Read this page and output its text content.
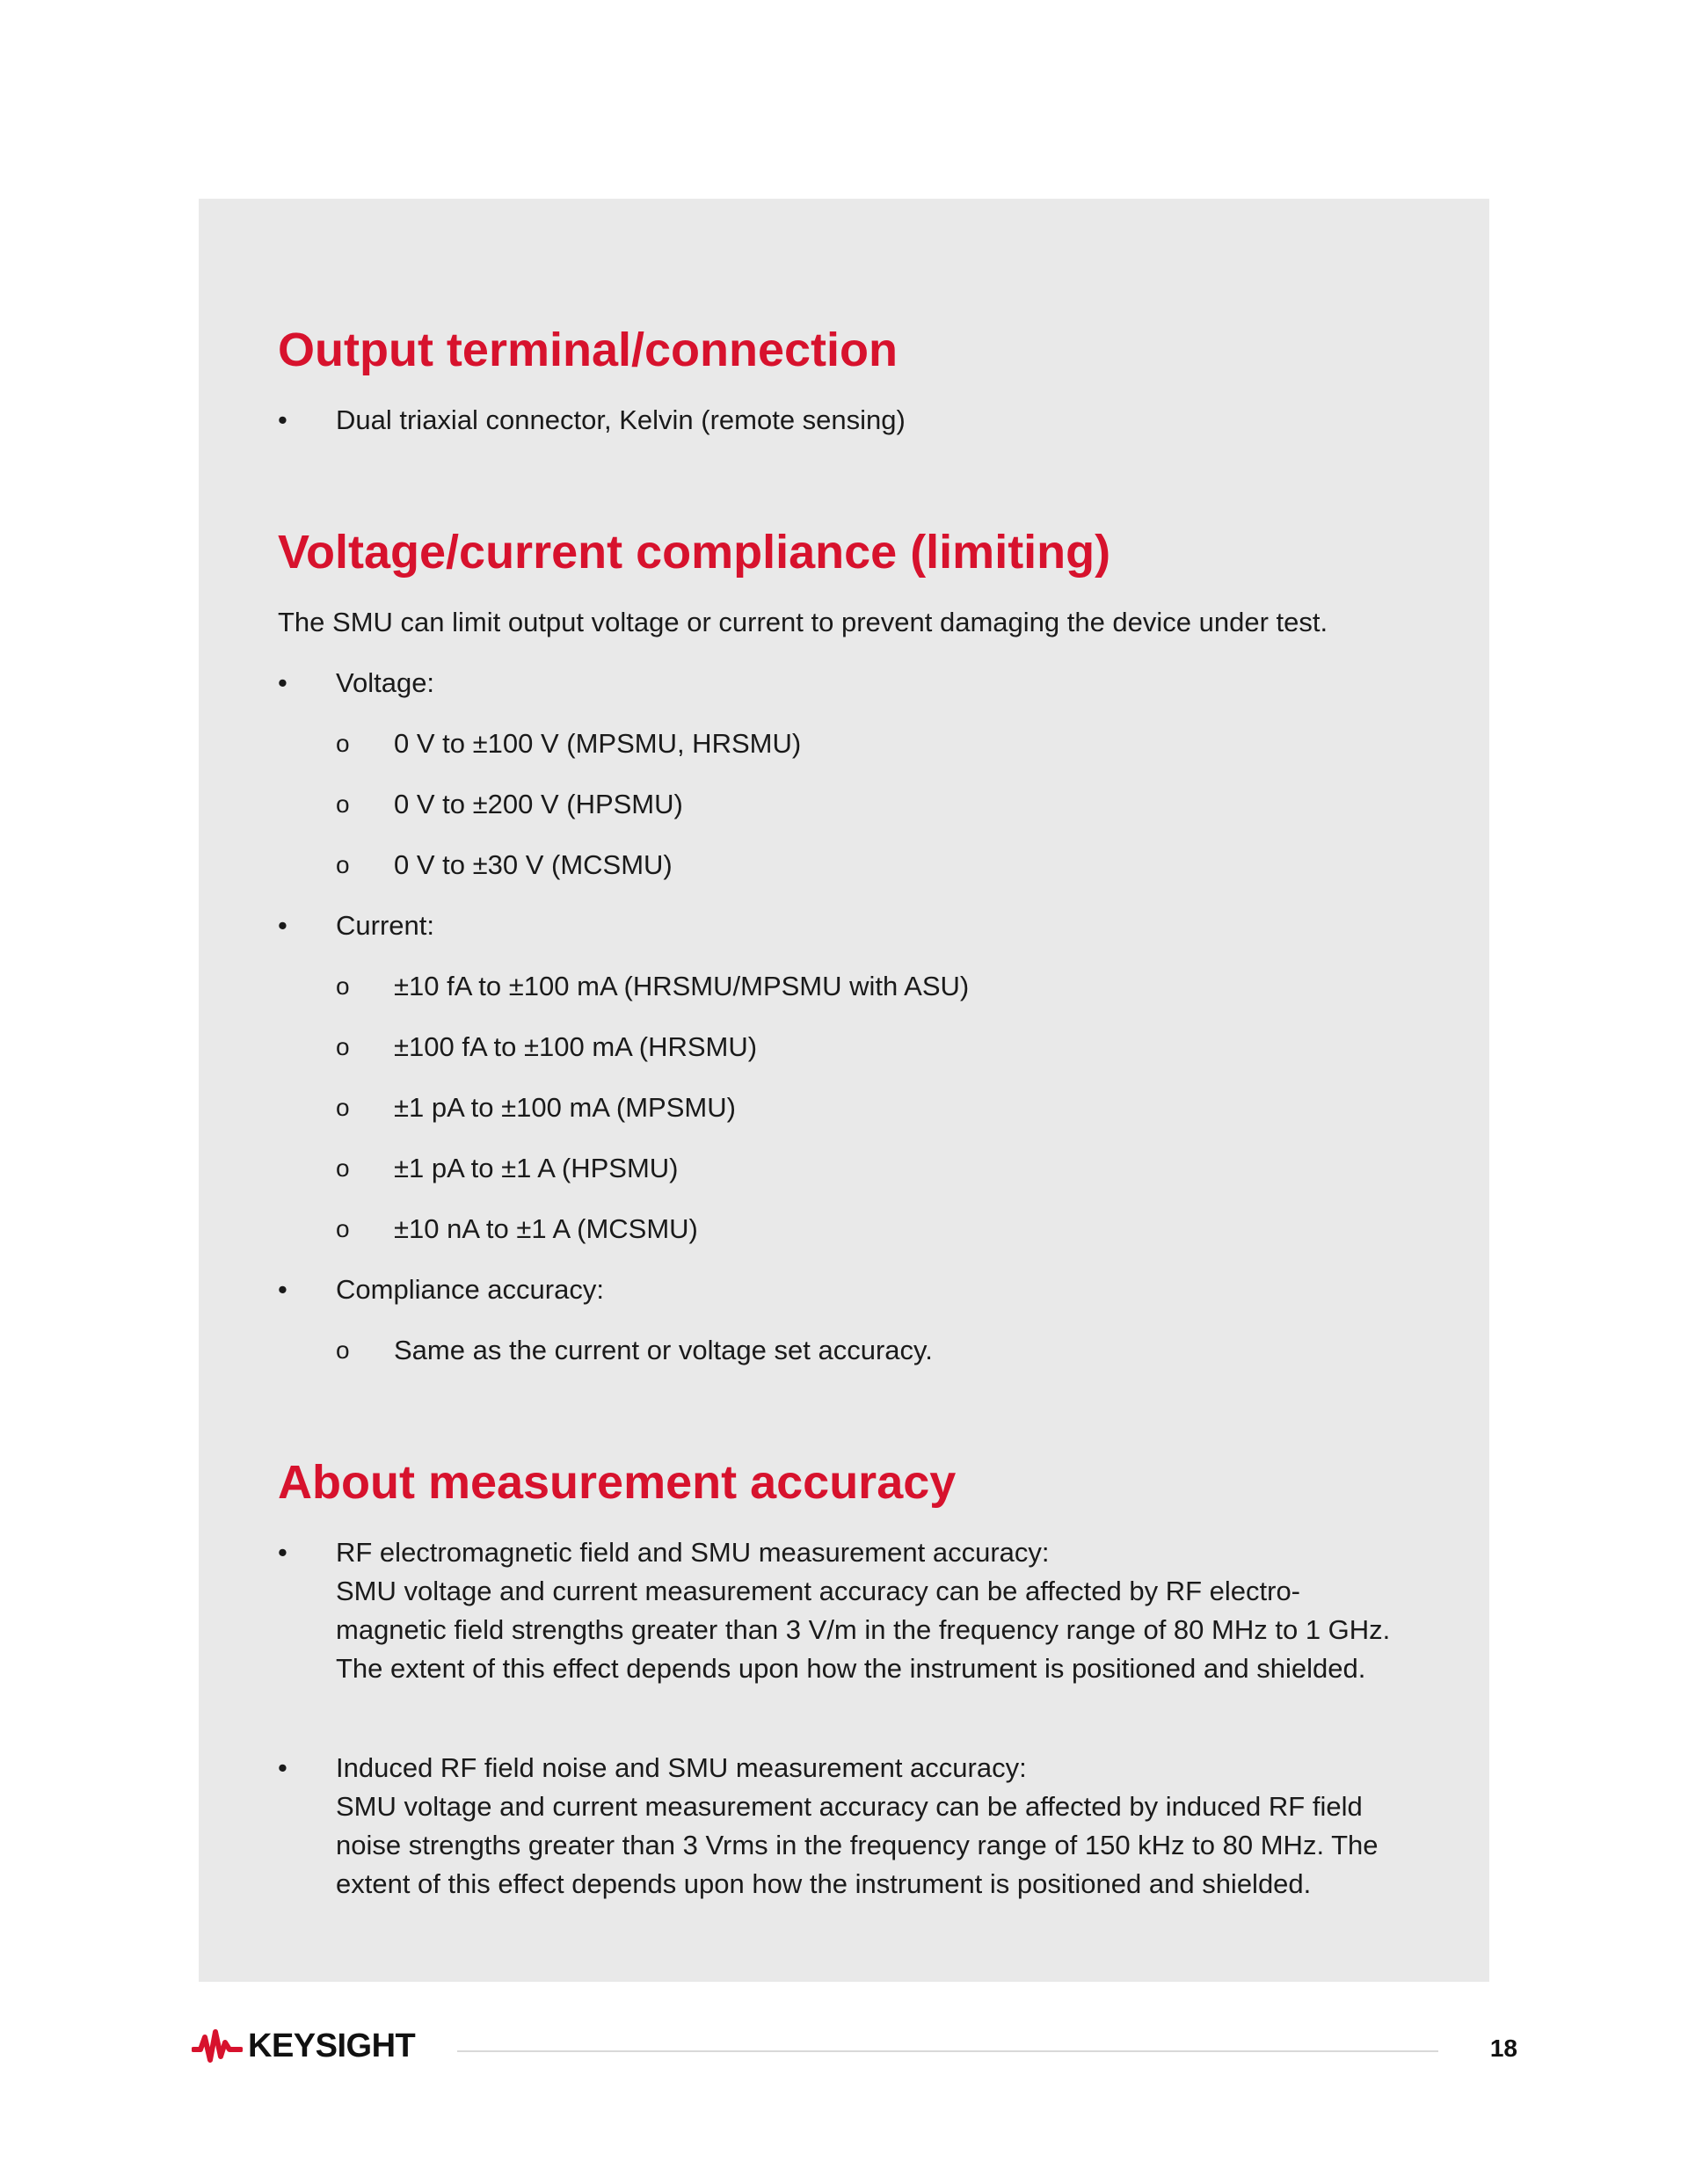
Output terminal/connection
•	Dual triaxial connector, Kelvin (remote sensing)
Voltage/current compliance (limiting)

The SMU can limit output voltage or current to prevent damaging the device under test.

•	Voltage:
o	0 V to ±100 V (MPSMU, HRSMU)
o	0 V to ±200 V (HPSMU)
o	0 V to ±30 V (MCSMU)
•	Current:
o	±10 fA to ±100 mA (HRSMU/MPSMU with ASU)
o	±100 fA to ±100 mA (HRSMU)
o	±1 pA to ±100 mA (MPSMU)
o	±1 pA to ±1 A (HPSMU)
o	±10 nA to ±1 A (MCSMU)
•	Compliance accuracy:
o	Same as the current or voltage set accuracy.
About measurement accuracy
•	RF electromagnetic field and SMU measurement accuracy:
SMU voltage and current measurement accuracy can be affected by RF electro-
magnetic field strengths greater than 3 V/m in the frequency range of 80 MHz to 1 GHz.
The extent of this effect depends upon how the instrument is positioned and shielded.
•	Induced RF field noise and SMU measurement accuracy:
SMU voltage and current measurement accuracy can be affected by induced RF field
noise strengths greater than 3 Vrms in the frequency range of 150 kHz to 80 MHz. The
extent of this effect depends upon how the instrument is positioned and shielded.
KEYSIGHT	18
